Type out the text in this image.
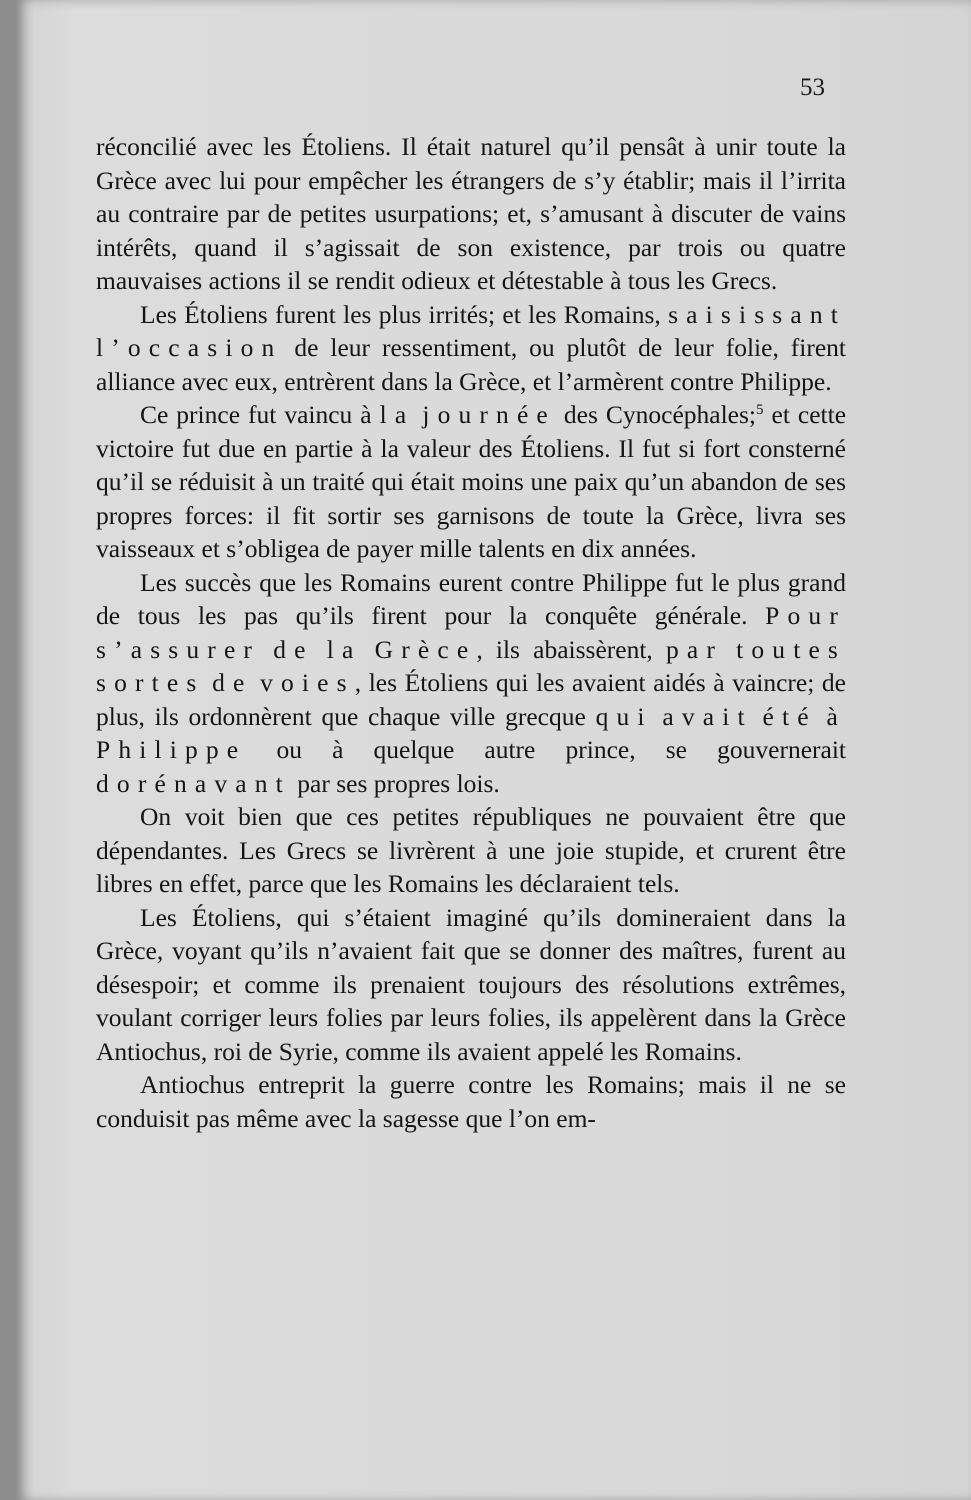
53

réconcilié avec les Étoliens. Il était naturel qu’il pensât à unir toute la Grèce avec lui pour empêcher les étrangers de s’y établir; mais il l’irrita au contraire par de petites usurpations; et, s’amusant à discuter de vains intérêts, quand il s’agissait de son existence, par trois ou quatre mauvaises actions il se rendit odieux et détestable à tous les Grecs.

Les Étoliens furent les plus irrités; et les Romains, saisissant l’occasion de leur ressentiment, ou plutôt de leur folie, firent alliance avec eux, entrèrent dans la Grèce, et l’armèrent contre Philippe.

Ce prince fut vaincu à la journée des Cynocéphales;$^5$ et cette victoire fut due en partie à la valeur des Étoliens. Il fut si fort consterné qu’il se réduisit à un traité qui était moins une paix qu’un abandon de ses propres forces: il fit sortir ses garnisons de toute la Grèce, livra ses vaisseaux et s’obligea de payer mille talents en dix années.

Les succès que les Romains eurent contre Philippe fut le plus grand de tous les pas qu’ils firent pour la conquête générale. Pour s’assurer de la Grèce, ils abaissèrent, par toutes sortes de voies, les Étoliens qui les avaient aidés à vaincre; de plus, ils ordonnèrent que chaque ville grecque qui avait été à Philippe ou à quelque autre prince, se gouvernerait dorénavant par ses propres lois.

On voit bien que ces petites républiques ne pouvaient être que dépendantes. Les Grecs se livrèrent à une joie stupide, et crurent être libres en effet, parce que les Romains les déclaraient tels.

Les Étoliens, qui s’étaient imaginé qu’ils domineraient dans la Grèce, voyant qu’ils n’avaient fait que se donner des maîtres, furent au désespoir; et comme ils prenaient toujours des résolutions extrêmes, voulant corriger leurs folies par leurs folies, ils appelèrent dans la Grèce Antiochus, roi de Syrie, comme ils avaient appelé les Romains.

Antiochus entreprit la guerre contre les Romains; mais il ne se conduisit pas même avec la sagesse que l’on em-
